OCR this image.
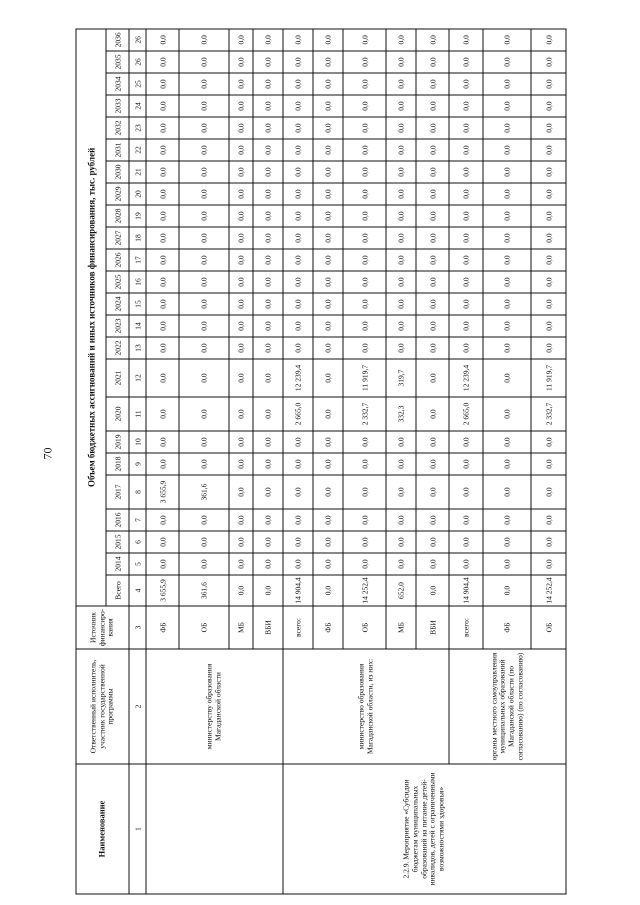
70
Наименование	Ответственный исполнитель, участник государственной программы	Источник финансиро-вания	Объем бюджетных ассигнований и иных источников финансирования, тыс. рублей																							
			Всего	2014	2015	2016	2017	2018	2019	2020	2021	2022	2023	2024	2025	2026	2027	2028	2029	2030	2031	2032	2033	2034	2035	2036
1	2	3	4	5	6	7	8	9	10	11	12	13	14	15	16	17	18	19	20	21	22	23	24	25	26	26
	министерству образования Магаданской области	ФБ	3 655,9	0,0	0,0	0,0	3 655,9	0,0	0,0	0,0	0,0	0,0	0,0	0,0	0,0	0,0	0,0	0,0	0,0	0,0	0,0	0,0	0,0	0,0	0,0	0,0
		ОБ	361,6	0,0	0,0	0,0	361,6	0,0	0,0	0,0	0,0	0,0	0,0	0,0	0,0	0,0	0,0	0,0	0,0	0,0	0,0	0,0	0,0	0,0	0,0	0,0
		МБ	0,0	0,0	0,0	0,0	0,0	0,0	0,0	0,0	0,0	0,0	0,0	0,0	0,0	0,0	0,0	0,0	0,0	0,0	0,0	0,0	0,0	0,0	0,0	0,0
		ВБИ	0,0	0,0	0,0	0,0	0,0	0,0	0,0	0,0	0,0	0,0	0,0	0,0	0,0	0,0	0,0	0,0	0,0	0,0	0,0	0,0	0,0	0,0	0,0	0,0
2.2.9. Мероприятие «Субсидии бюджетам муниципальных образований на питание детей-инвалидов, детей с ограниченными возможностями здоровья»	министерство образования Магаданской области, из них:	всего:	14 904,4	0,0	0,0	0,0	0,0	0,0	0,0	2 665,0	12 239,4	0,0	0,0	0,0	0,0	0,0	0,0	0,0	0,0	0,0	0,0	0,0	0,0	0,0	0,0	0,0
		ФБ	0,0	0,0	0,0	0,0	0,0	0,0	0,0	0,0	0,0	0,0	0,0	0,0	0,0	0,0	0,0	0,0	0,0	0,0	0,0	0,0	0,0	0,0	0,0	0,0
		ОБ	14 252,4	0,0	0,0	0,0	0,0	0,0	0,0	2 332,7	11 919,7	0,0	0,0	0,0	0,0	0,0	0,0	0,0	0,0	0,0	0,0	0,0	0,0	0,0	0,0	0,0
		МБ	652,0	0,0	0,0	0,0	0,0	0,0	0,0	332,3	319,7	0,0	0,0	0,0	0,0	0,0	0,0	0,0	0,0	0,0	0,0	0,0	0,0	0,0	0,0	0,0
		ВБИ	0,0	0,0	0,0	0,0	0,0	0,0	0,0	0,0	0,0	0,0	0,0	0,0	0,0	0,0	0,0	0,0	0,0	0,0	0,0	0,0	0,0	0,0	0,0	0,0
	органы местного самоуправления муниципальных образований Магаданской области (по согласованию) (по согласованию)	всего:	14 904,4	0,0	0,0	0,0	0,0	0,0	0,0	2 665,0	12 239,4	0,0	0,0	0,0	0,0	0,0	0,0	0,0	0,0	0,0	0,0	0,0	0,0	0,0	0,0	0,0
		ФБ	0,0	0,0	0,0	0,0	0,0	0,0	0,0	0,0	0,0	0,0	0,0	0,0	0,0	0,0	0,0	0,0	0,0	0,0	0,0	0,0	0,0	0,0	0,0	0,0
		ОБ	14 252,4	0,0	0,0	0,0	0,0	0,0	0,0	2 332,7	11 919,7	0,0	0,0	0,0	0,0	0,0	0,0	0,0	0,0	0,0	0,0	0,0	0,0	0,0	0,0	0,0
